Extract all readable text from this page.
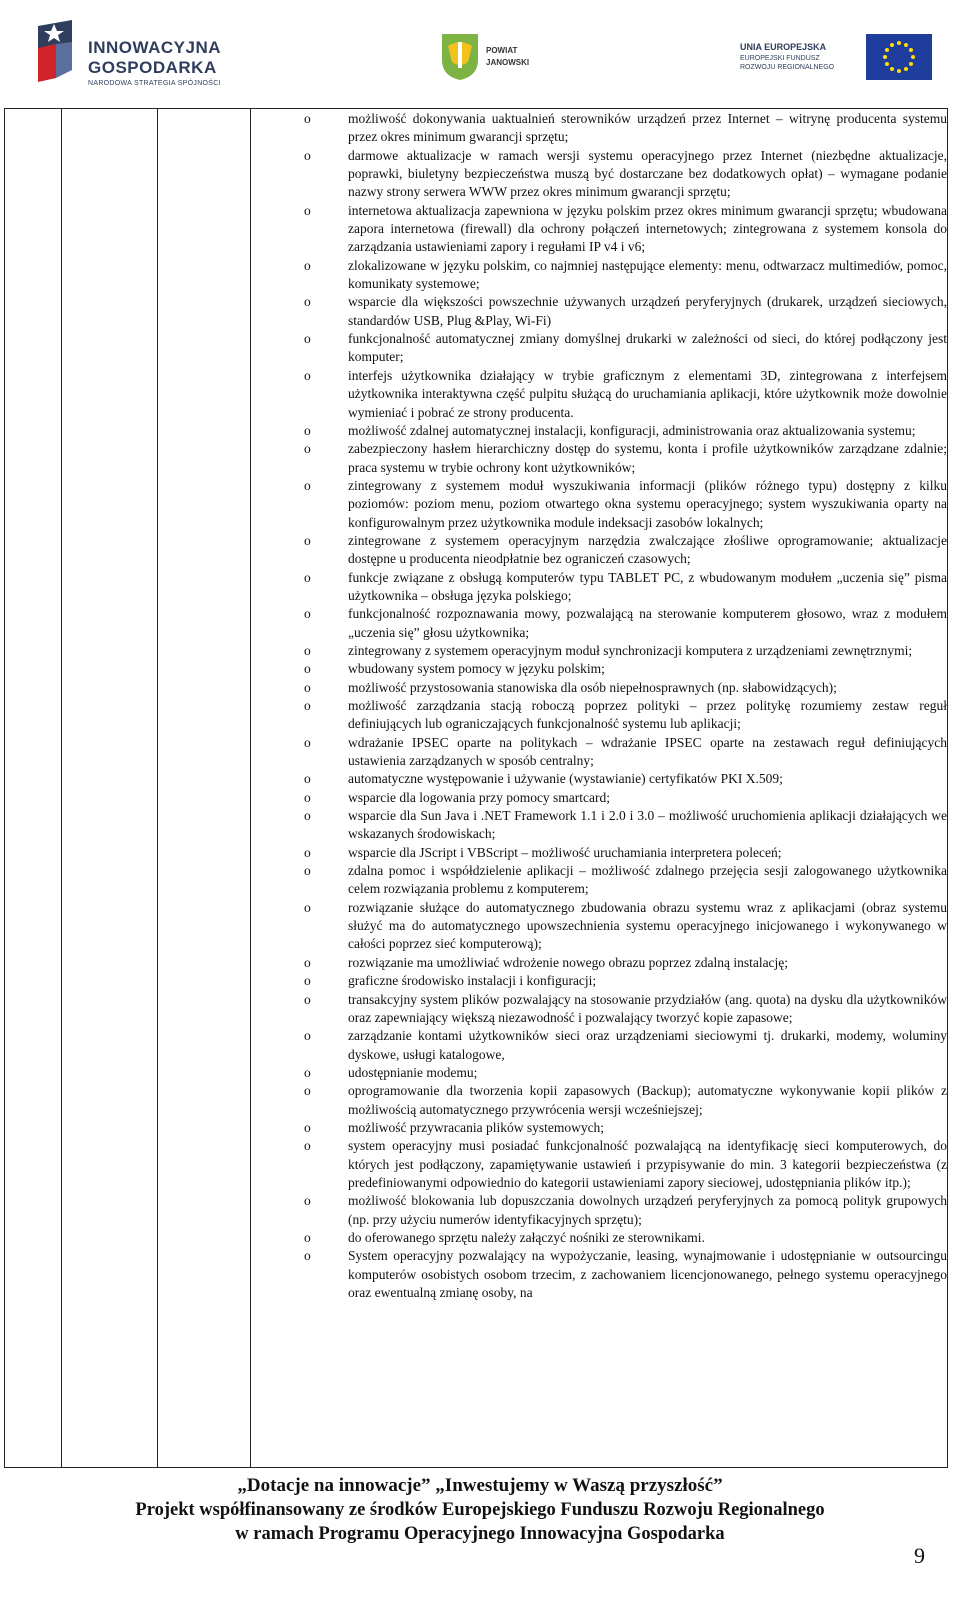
INNOWACYJNA
GOSPODARKA
NARODOWA STRATEGIA SPÓJNOŚCI
POWIAT
JANOWSKI
UNIA EUROPEJSKA
EUROPEJSKI FUNDUSZ
ROZWOJU REGIONALNEGO
o	możliwość dokonywania uaktualnień sterowników urządzeń przez Internet – witrynę producenta systemu przez okres minimum gwarancji sprzętu;
o	darmowe aktualizacje w ramach wersji systemu operacyjnego przez Internet (niezbędne aktualizacje, poprawki, biuletyny bezpieczeństwa muszą być dostarczane bez dodatkowych opłat) – wymagane podanie nazwy strony serwera WWW przez okres minimum gwarancji sprzętu;
o	internetowa aktualizacja zapewniona w języku polskim przez okres minimum gwarancji sprzętu; wbudowana zapora internetowa (firewall) dla ochrony połączeń internetowych; zintegrowana z systemem konsola do zarządzania ustawieniami zapory i regułami IP v4 i v6;
o	zlokalizowane w języku polskim, co najmniej następujące elementy: menu, odtwarzacz multimediów, pomoc, komunikaty systemowe;
o	wsparcie dla większości powszechnie używanych urządzeń peryferyjnych (drukarek, urządzeń sieciowych, standardów USB, Plug &Play, Wi-Fi)
o	funkcjonalność automatycznej zmiany domyślnej drukarki w zależności od sieci, do której podłączony jest komputer;
o	interfejs użytkownika działający w trybie graficznym z elementami 3D, zintegrowana z interfejsem użytkownika interaktywna część pulpitu służącą do uruchamiania aplikacji, które użytkownik może dowolnie wymieniać i pobrać ze strony producenta.
o	możliwość zdalnej automatycznej instalacji, konfiguracji, administrowania oraz aktualizowania systemu;
o	zabezpieczony hasłem hierarchiczny dostęp do systemu, konta i profile użytkowników zarządzane zdalnie; praca systemu w trybie ochrony kont użytkowników;
o	zintegrowany z systemem moduł wyszukiwania informacji (plików różnego typu) dostępny z kilku poziomów: poziom menu, poziom otwartego okna systemu operacyjnego; system wyszukiwania oparty na konfigurowalnym przez użytkownika module indeksacji zasobów lokalnych;
o	zintegrowane z systemem operacyjnym narzędzia zwalczające złośliwe oprogramowanie; aktualizacje dostępne u producenta nieodpłatnie bez ograniczeń czasowych;
o	funkcje związane z obsługą komputerów typu TABLET PC, z wbudowanym modułem „uczenia się” pisma użytkownika – obsługa języka polskiego;
o	funkcjonalność rozpoznawania mowy, pozwalającą na sterowanie komputerem głosowo, wraz z modułem „uczenia się” głosu użytkownika;
o	zintegrowany z systemem operacyjnym moduł synchronizacji komputera z urządzeniami zewnętrznymi;
o	wbudowany system pomocy w języku polskim;
o	możliwość przystosowania stanowiska dla osób niepełnosprawnych (np. słabowidzących);
o	możliwość zarządzania stacją roboczą poprzez polityki – przez politykę rozumiemy zestaw reguł definiujących lub ograniczających funkcjonalność systemu lub aplikacji;
o	wdrażanie IPSEC oparte na politykach – wdrażanie IPSEC oparte na zestawach reguł definiujących ustawienia zarządzanych w sposób centralny;
o	automatyczne występowanie i używanie (wystawianie) certyfikatów PKI X.509;
o	wsparcie dla logowania przy pomocy smartcard;
o	wsparcie dla Sun Java i .NET Framework 1.1 i 2.0 i 3.0 – możliwość uruchomienia aplikacji działających we wskazanych środowiskach;
o	wsparcie dla JScript i VBScript – możliwość uruchamiania interpretera poleceń;
o	zdalna pomoc i współdzielenie aplikacji – możliwość zdalnego przejęcia sesji zalogowanego użytkownika celem rozwiązania problemu z komputerem;
o	rozwiązanie służące do automatycznego zbudowania obrazu systemu wraz z aplikacjami (obraz systemu służyć ma do automatycznego upowszechnienia systemu operacyjnego inicjowanego i wykonywanego w całości poprzez sieć komputerową);
o	rozwiązanie ma umożliwiać wdrożenie nowego obrazu poprzez zdalną instalację;
o	graficzne środowisko instalacji i konfiguracji;
o	transakcyjny system plików pozwalający na stosowanie przydziałów (ang. quota) na dysku dla użytkowników oraz zapewniający większą niezawodność i pozwalający tworzyć kopie zapasowe;
o	zarządzanie kontami użytkowników sieci oraz urządzeniami sieciowymi tj. drukarki, modemy, woluminy dyskowe, usługi katalogowe,
o	udostępnianie modemu;
o	oprogramowanie dla tworzenia kopii zapasowych (Backup); automatyczne wykonywanie kopii plików z możliwością automatycznego przywrócenia wersji wcześniejszej;
o	możliwość przywracania plików systemowych;
o	system operacyjny musi posiadać funkcjonalność pozwalającą na identyfikację sieci komputerowych, do których jest podłączony, zapamiętywanie ustawień i przypisywanie do min. 3 kategorii bezpieczeństwa (z predefiniowanymi odpowiednio do kategorii ustawieniami zapory sieciowej, udostępniania plików itp.);
o	możliwość blokowania lub dopuszczania dowolnych urządzeń peryferyjnych za pomocą polityk grupowych (np. przy użyciu numerów identyfikacyjnych sprzętu);
o	do oferowanego sprzętu należy załączyć nośniki ze sterownikami.
o	System operacyjny pozwalający na wypożyczanie, leasing, wynajmowanie i udostępnianie w outsourcingu komputerów osobistych osobom trzecim, z zachowaniem licencjonowanego, pełnego systemu operacyjnego oraz ewentualną zmianę osoby, na
„Dotacje na innowacje” „Inwestujemy w Waszą przyszłość”
Projekt współfinansowany ze środków Europejskiego Funduszu Rozwoju Regionalnego
w ramach Programu Operacyjnego Innowacyjna Gospodarka
9
